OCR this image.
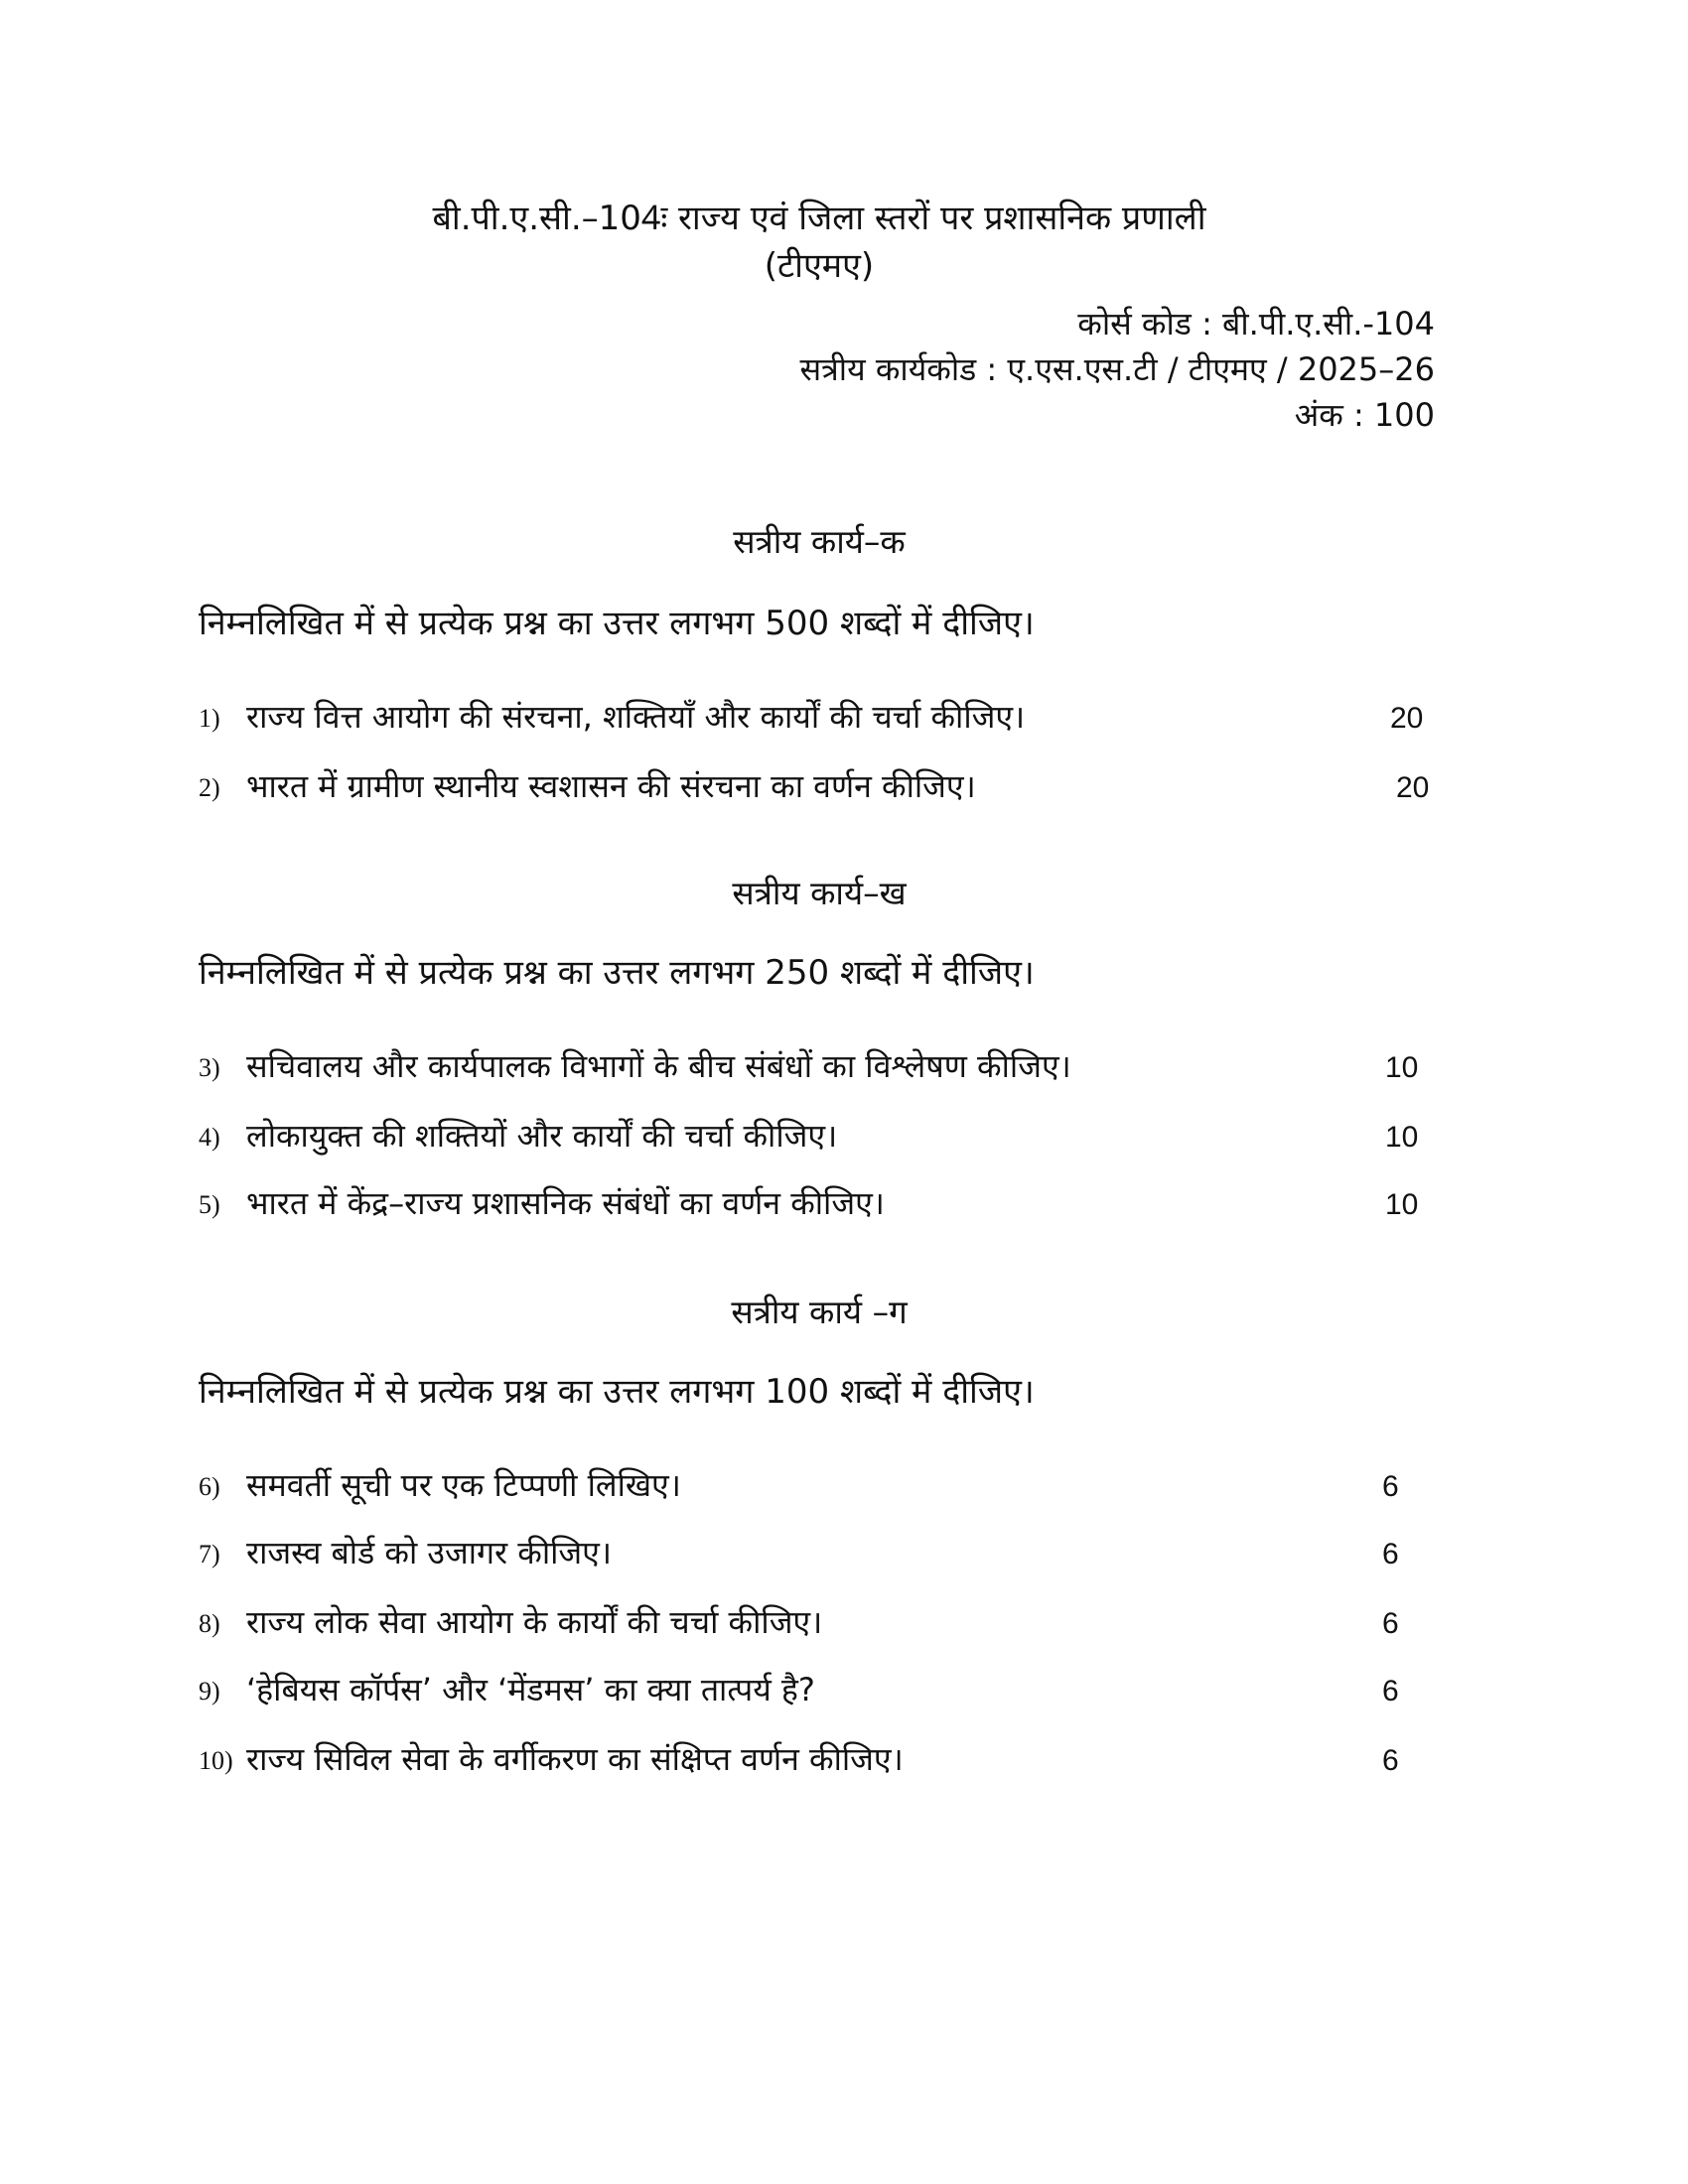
बी.पी.ए.सी.–104ः राज्य एवं जिला स्तरों पर प्रशासनिक प्रणाली
(टीएमए)
कोर्स कोड : बी.पी.ए.सी.-104
सत्रीय कार्यकोड : ए.एस.एस.टी / टीएमए / 2025–26
अंक : 100
सत्रीय कार्य–क
निम्नलिखित में से प्रत्येक प्रश्न का उत्तर लगभग 500 शब्दों में दीजिए।
1) राज्य वित्त आयोग की संरचना, शक्तियाँ और कार्यों की चर्चा कीजिए।	20
2) भारत में ग्रामीण स्थानीय स्वशासन की संरचना का वर्णन कीजिए।	20
सत्रीय कार्य–ख
निम्नलिखित में से प्रत्येक प्रश्न का उत्तर लगभग 250 शब्दों में दीजिए।
3) सचिवालय और कार्यपालक विभागों के बीच संबंधों का विश्लेषण कीजिए।	10
4) लोकायुक्त की शक्तियों और कार्यों की चर्चा कीजिए।	10
5) भारत में केंद्र–राज्य प्रशासनिक संबंधों का वर्णन कीजिए।	10
सत्रीय कार्य –ग
निम्नलिखित में से प्रत्येक प्रश्न का उत्तर लगभग 100 शब्दों में दीजिए।
6) समवर्ती सूची पर एक टिप्पणी लिखिए।	6
7) राजस्व बोर्ड को उजागर कीजिए।	6
8) राज्य लोक सेवा आयोग के कार्यों की चर्चा कीजिए।	6
9) ‘हेबियस कॉर्पस’ और ‘मेंडमस’ का क्या तात्पर्य है?	6
10) राज्य सिविल सेवा के वर्गीकरण का संक्षिप्त वर्णन कीजिए।	6
